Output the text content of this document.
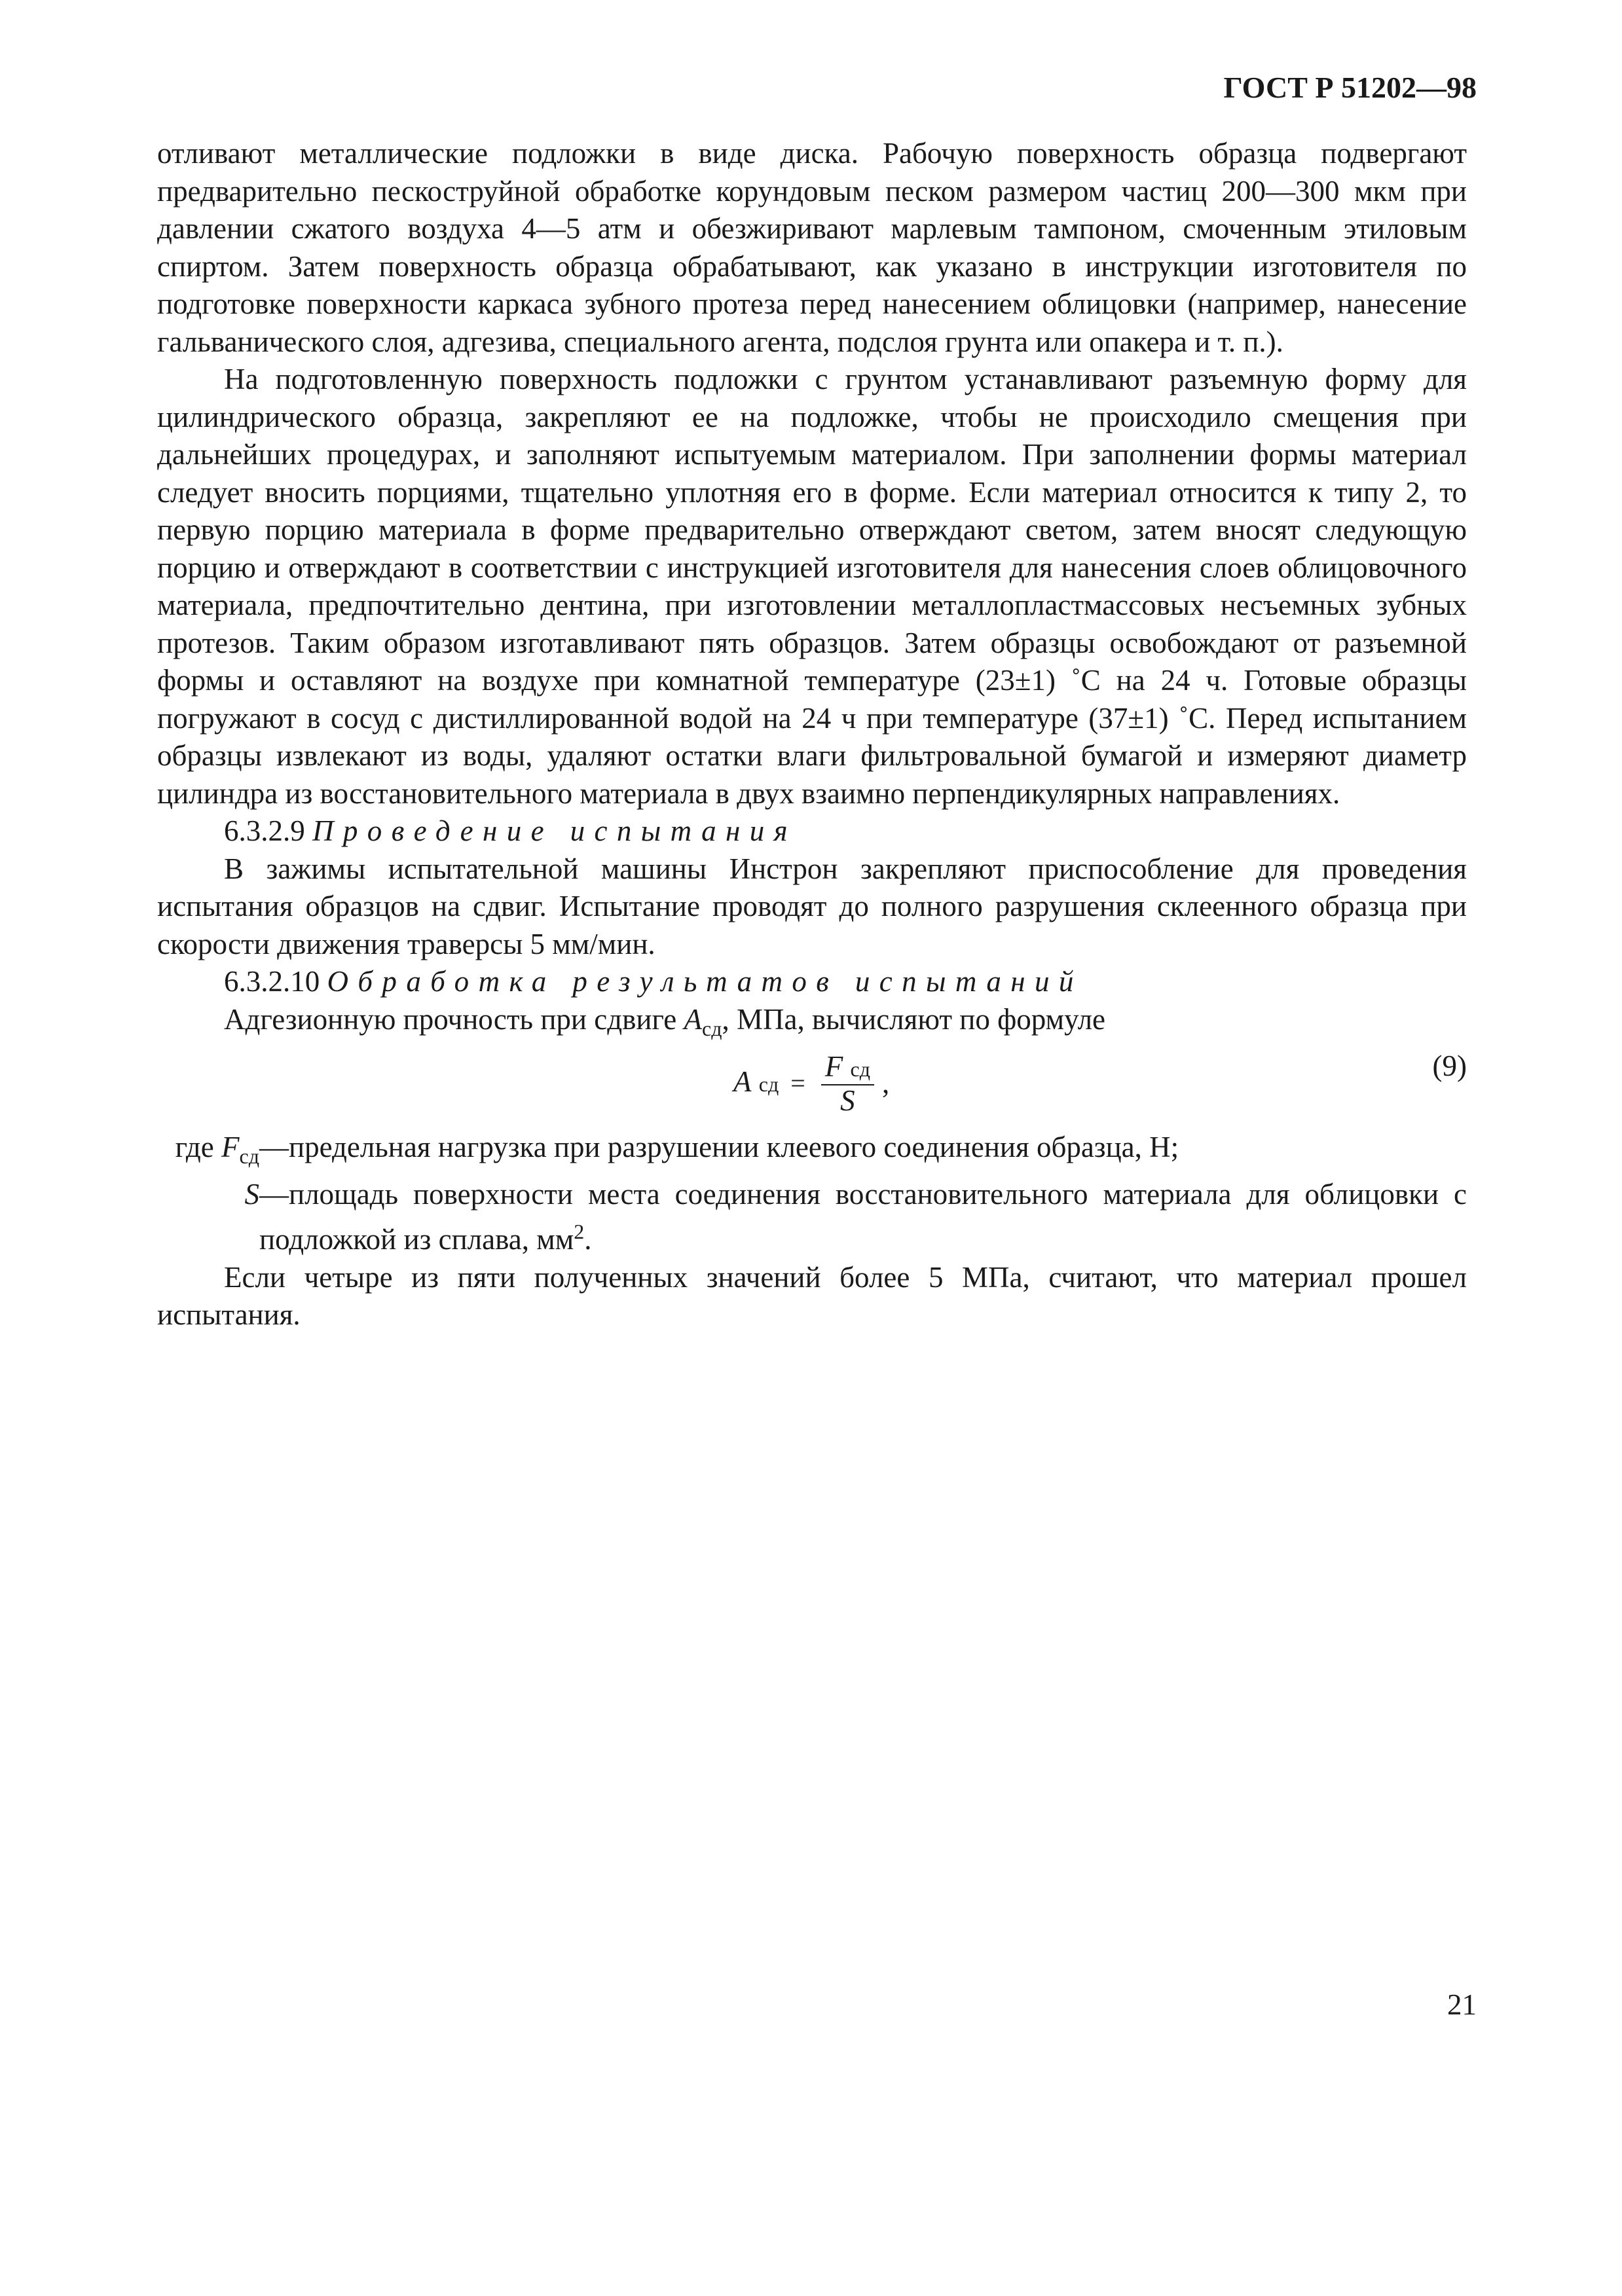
ГОСТ Р 51202—98

отливают металлические подложки в виде диска. Рабочую поверхность образца подвергают предварительно пескоструйной обработке корундовым песком размером частиц 200—300 мкм при давлении сжатого воздуха 4—5 атм и обезжиривают марлевым тампоном, смоченным этиловым спиртом. Затем поверхность образца обрабатывают, как указано в инструкции изготовителя по подготовке поверхности каркаса зубного протеза перед нанесением облицовки (например, нанесение гальванического слоя, адгезива, специального агента, подслоя грунта или опакера и т. п.).

На подготовленную поверхность подложки с грунтом устанавливают разъемную форму для цилиндрического образца, закрепляют ее на подложке, чтобы не происходило смещения при дальнейших процедурах, и заполняют испытуемым материалом. При заполнении формы материал следует вносить порциями, тщательно уплотняя его в форме. Если материал относится к типу 2, то первую порцию материала в форме предварительно отверждают светом, затем вносят следующую порцию и отверждают в соответствии с инструкцией изготовителя для нанесения слоев облицовочного материала, предпочтительно дентина, при изготовлении металлопластмассовых несъемных зубных протезов. Таким образом изготавливают пять образцов. Затем образцы освобождают от разъемной формы и оставляют на воздухе при комнатной температуре (23±1) ˚С на 24 ч. Готовые образцы погружают в сосуд с дистиллированной водой на 24 ч при температуре (37±1) ˚С. Перед испытанием образцы извлекают из воды, удаляют остатки влаги фильтровальной бумагой и измеряют диаметр цилиндра из восстановительного материала в двух взаимно перпендикулярных направлениях.

6.3.2.9 Проведение испытания

В зажимы испытательной машины Инстрон закрепляют приспособление для проведения испытания образцов на сдвиг. Испытание проводят до полного разрушения склеенного образца при скорости движения траверсы 5 мм/мин.

6.3.2.10 Обработка результатов испытаний

Адгезионную прочность при сдвиге $A_{сд}$, МПа, вычисляют по формуле

A сд = $\frac{\text{F сд}}{S}$ ,
(9)
где $F_{сд}$ —предельная нагрузка при разрушении клеевого соединения образца, Н;
S —площадь поверхности места соединения восстановительного материала для облицовки с подложкой из сплава, $мм^2$.

Если четыре из пяти полученных значений более 5 МПа, считают, что материал прошел испытания.

21
